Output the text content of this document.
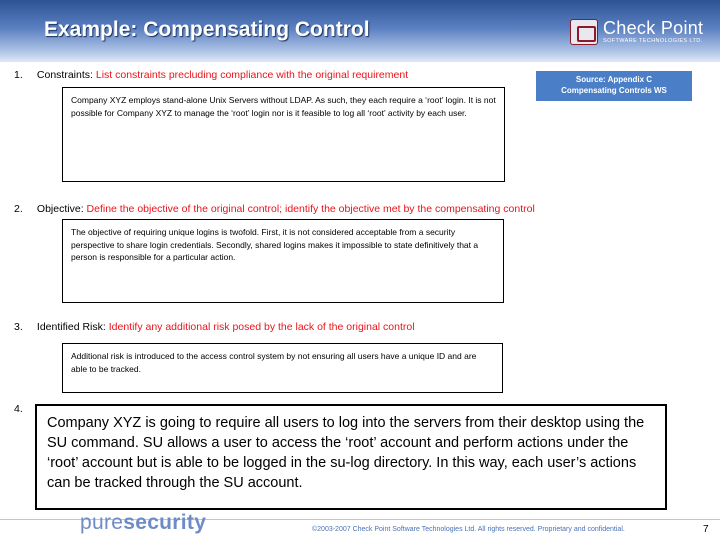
Example: Compensating Control	Check Point
SOFTWARE TECHNOLOGIES LTD.
Source: Appendix C
Compensating Controls WS
1. Constraints: List constraints precluding compliance with the original requirement
Company XYZ employs stand-alone Unix Servers without LDAP. As such, they each require a ‘root’ login. It is not possible for Company XYZ to manage the ‘root’ login nor is it feasible to log all ‘root’ activity by each user.
2. Objective: Define the objective of the original control; identify the objective met by the compensating control
The objective of requiring unique logins is twofold. First, it is not considered acceptable from a security perspective to share login credentials. Secondly, shared logins makes it impossible to state definitively that a person is responsible for a particular action.
3. Identified Risk: Identify any additional risk posed by the lack of the original control
Additional risk is introduced to the access control system by not ensuring all users have a unique ID and are able to be tracked.
4.
Company XYZ is going to require all users to log into the servers from their desktop using the SU command. SU allows a user to access the ‘root’ account and perform actions under the ‘root’ account but is able to be logged in the su-log directory. In this way, each user’s actions can be tracked through the SU account.
puresecurity	©2003-2007 Check Point Software Technologies Ltd. All rights reserved. Proprietary and confidential.	7
